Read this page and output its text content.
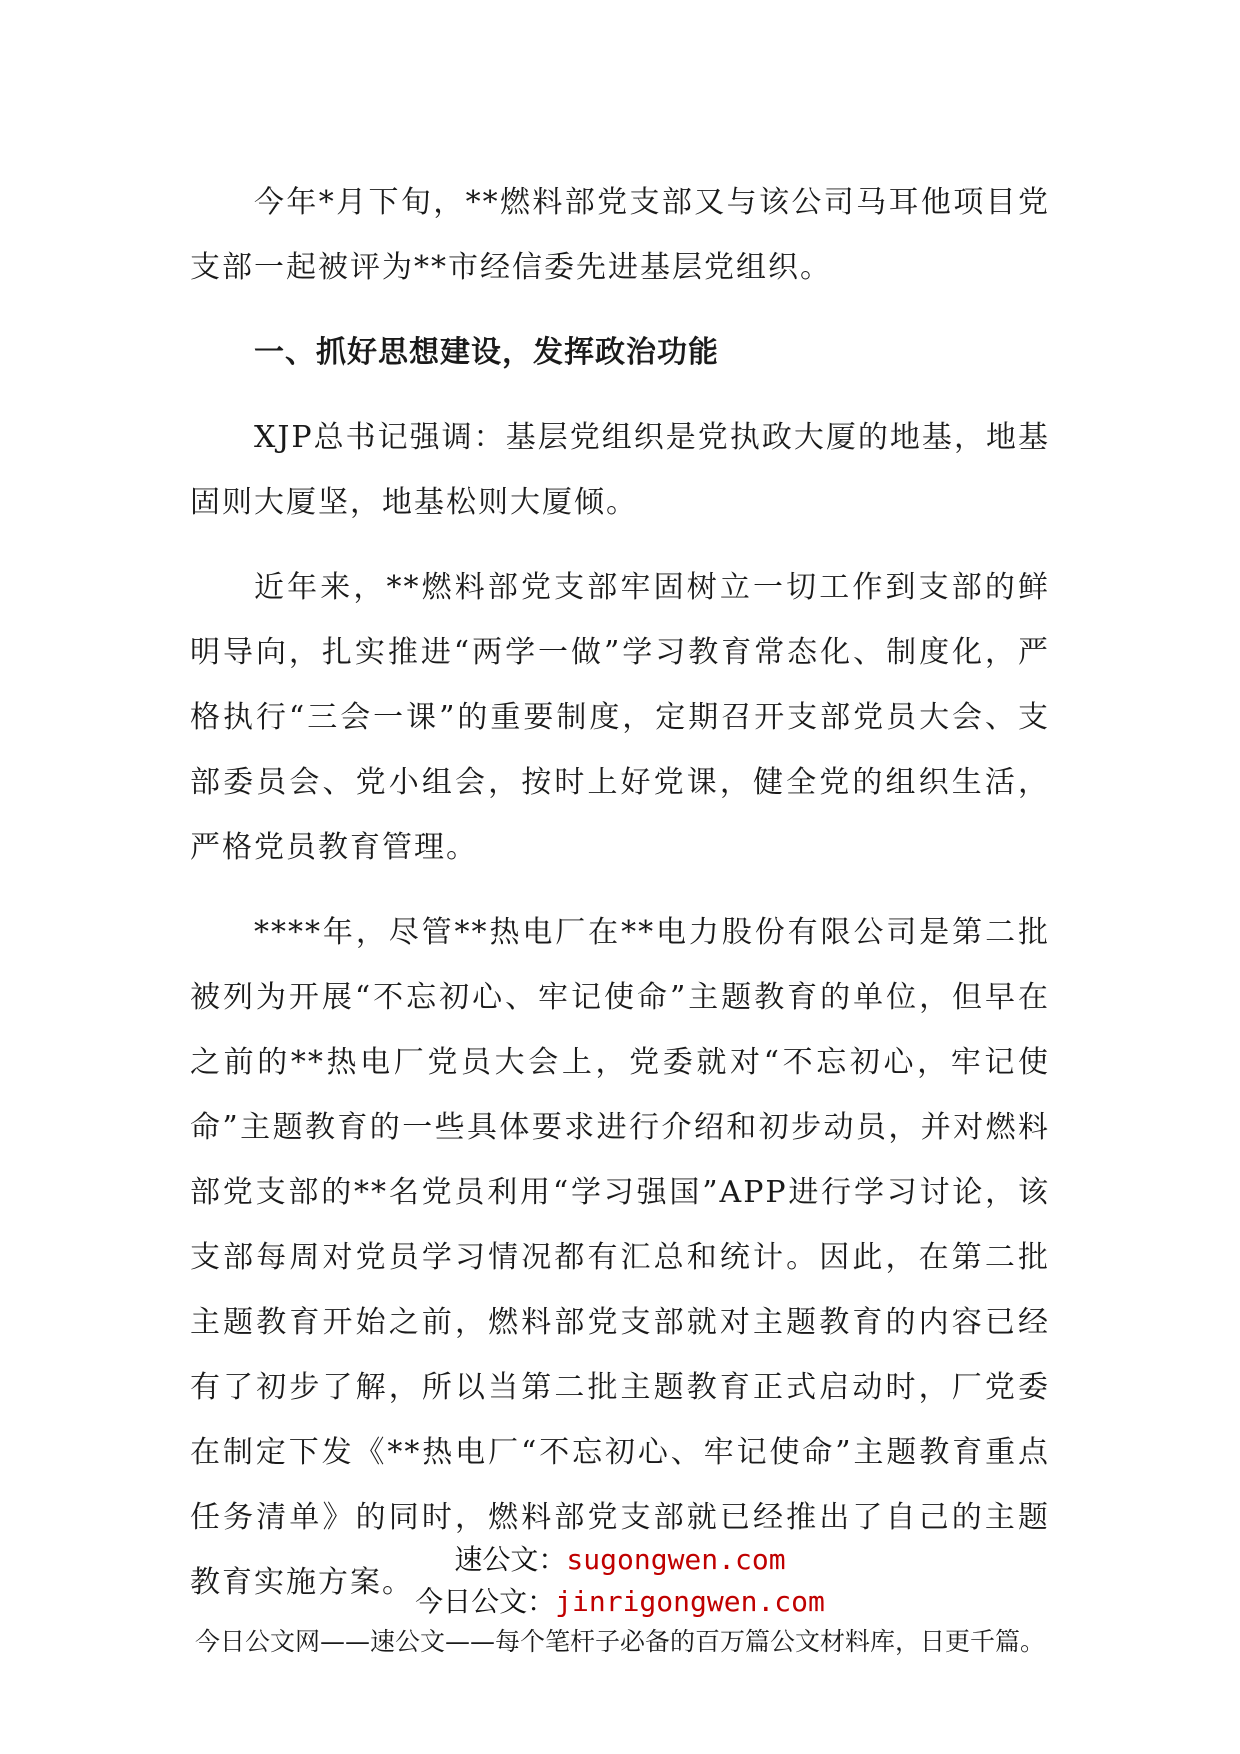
今年*月下旬，**燃料部党支部又与该公司马耳他项目党支部一起被评为**市经信委先进基层党组织。

一、抓好思想建设，发挥政治功能

XJP总书记强调：基层党组织是党执政大厦的地基，地基固则大厦坚，地基松则大厦倾。

近年来，**燃料部党支部牢固树立一切工作到支部的鲜明导向，扎实推进“两学一做”学习教育常态化、制度化，严格执行“三会一课”的重要制度，定期召开支部党员大会、支部委员会、党小组会，按时上好党课，健全党的组织生活，严格党员教育管理。

****年，尽管**热电厂在**电力股份有限公司是第二批被列为开展“不忘初心、牢记使命”主题教育的单位，但早在之前的**热电厂党员大会上，党委就对“不忘初心，牢记使命”主题教育的一些具体要求进行介绍和初步动员，并对燃料部党支部的**名党员利用“学习强国”APP进行学习讨论，该支部每周对党员学习情况都有汇总和统计。因此，在第二批主题教育开始之前，燃料部党支部就对主题教育的内容已经有了初步了解，所以当第二批主题教育正式启动时，厂党委在制定下发《**热电厂“不忘初心、牢记使命”主题教育重点任务清单》的同时，燃料部党支部就已经推出了自己的主题教育实施方案。

速公文：sugongwen.com
今日公文：jinrigongwen.com
今日公文网——速公文——每个笔杆子必备的百万篇公文材料库，日更千篇。
